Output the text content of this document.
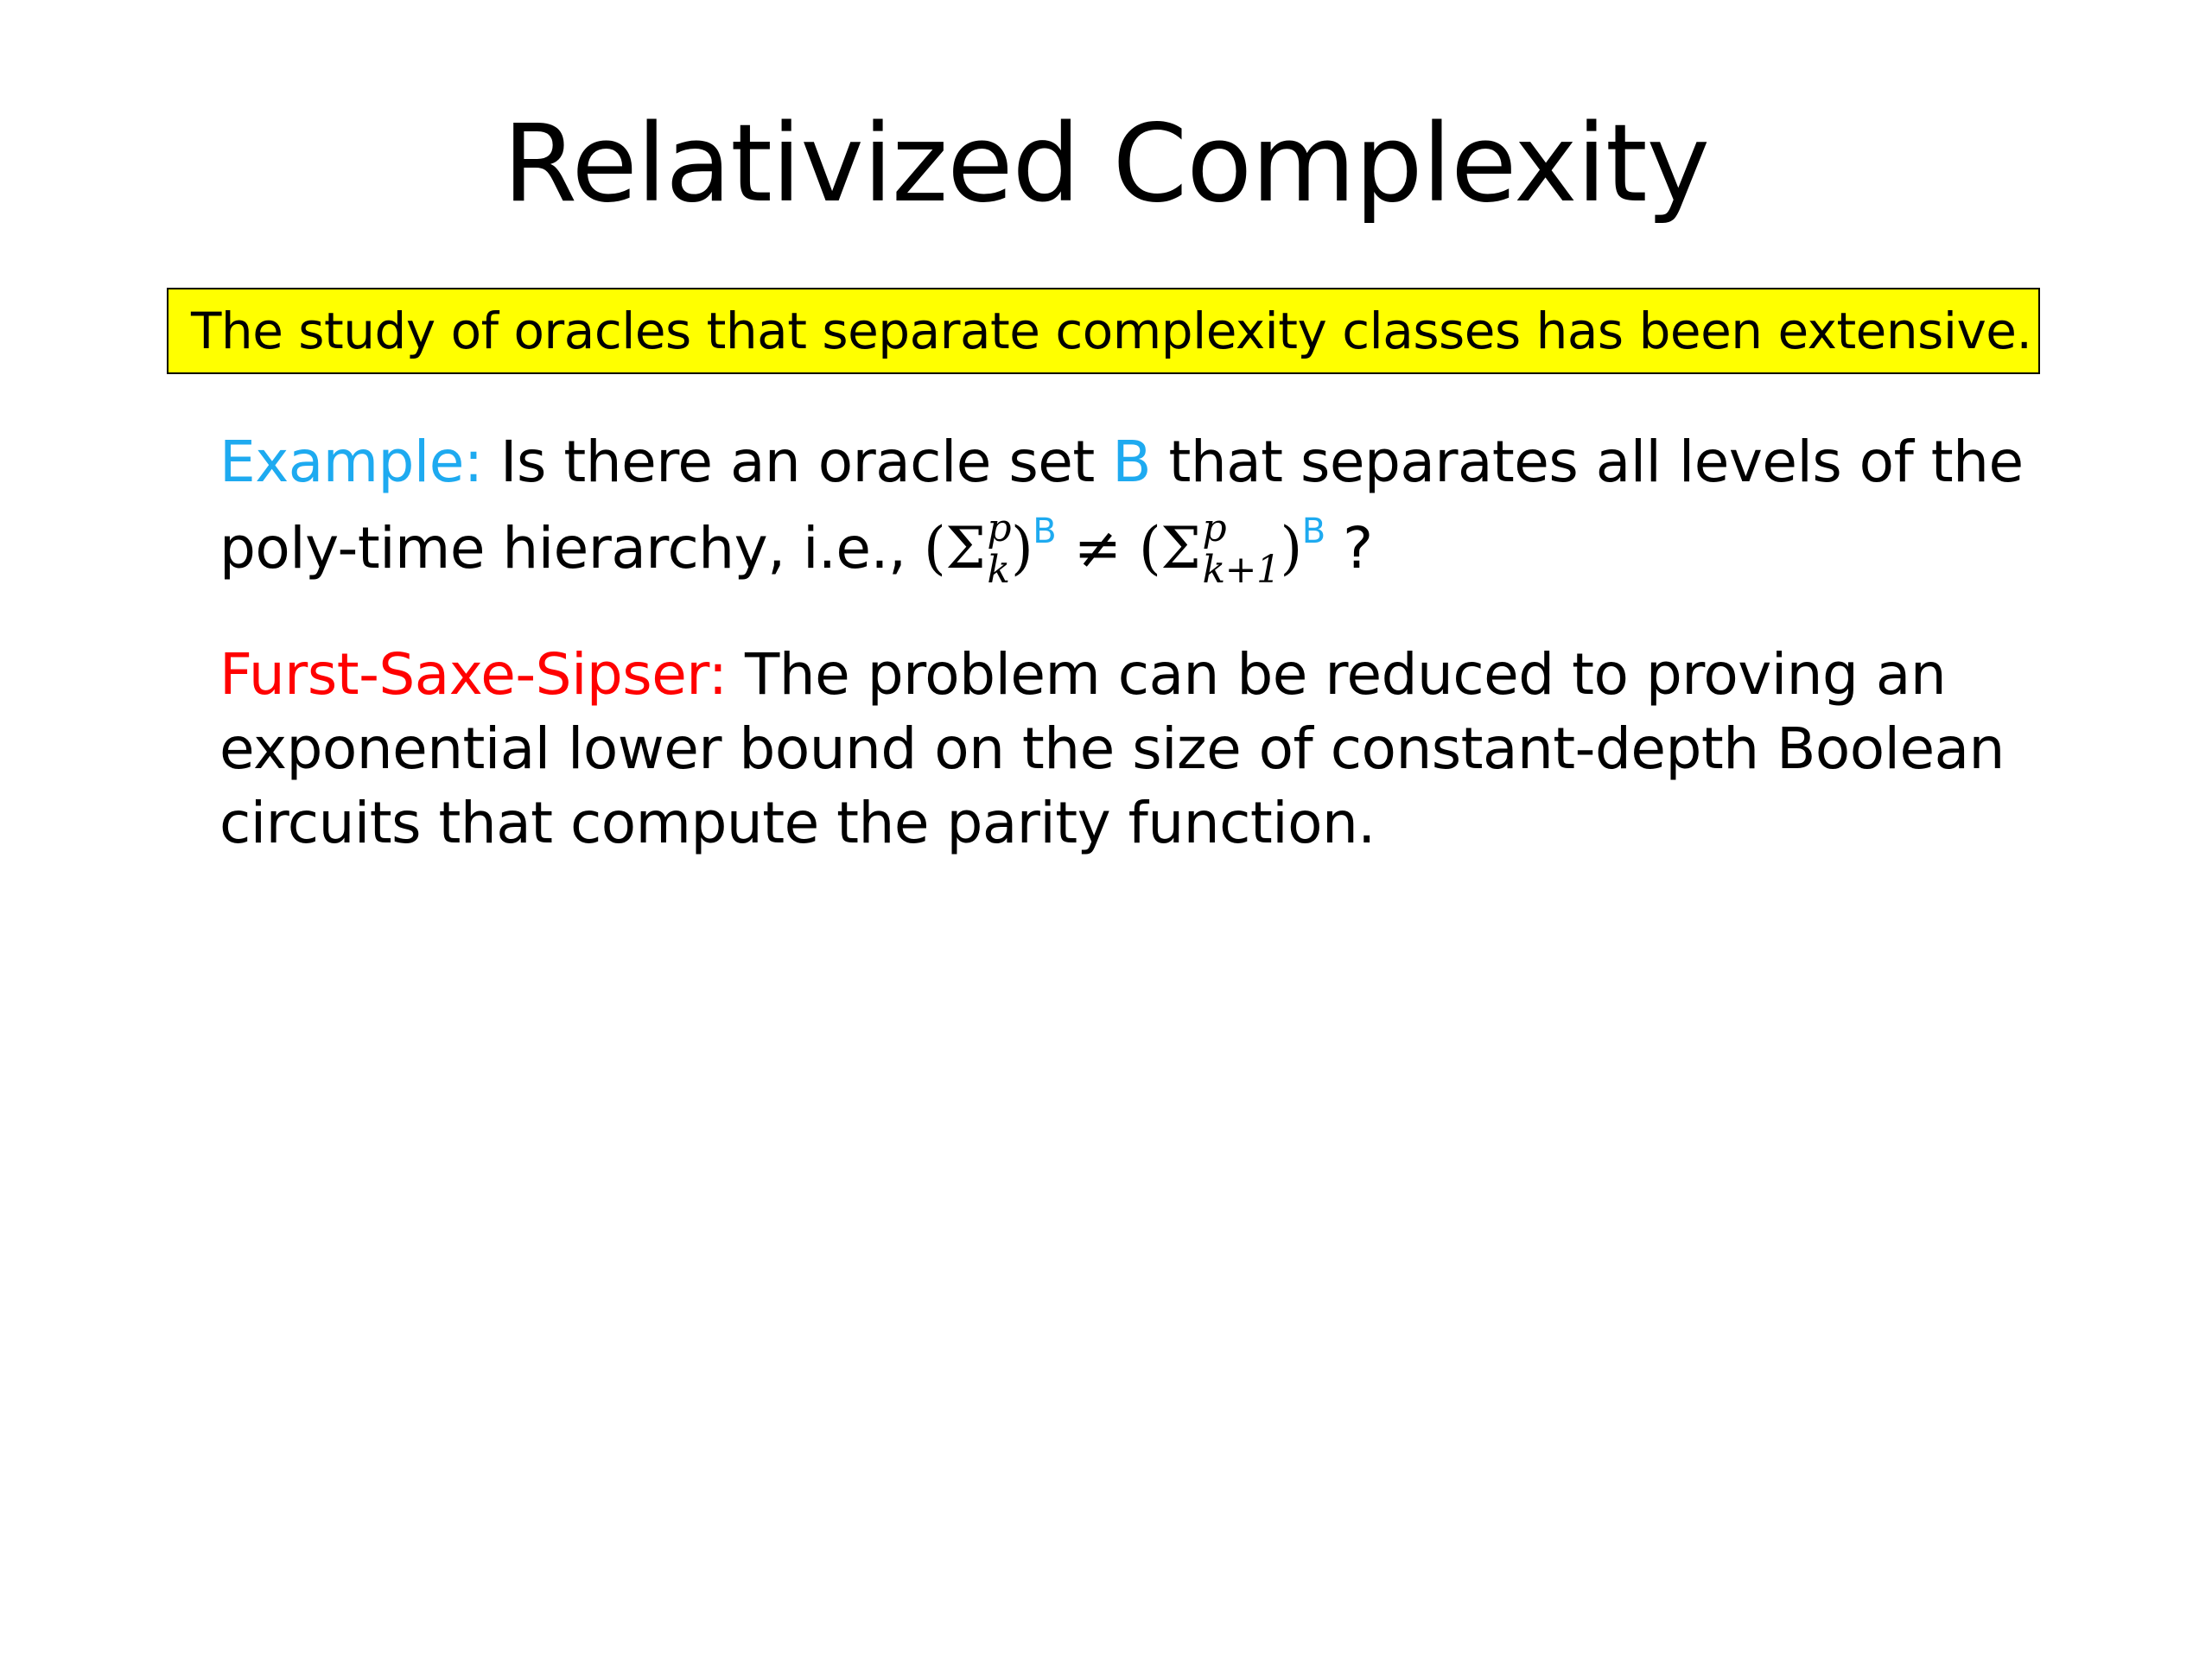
Relativized Complexity
The study of oracles that separate complexity classes has been extensive.
Example: Is there an oracle set B that separates all levels of the poly-time hierarchy, i.e., (Σ p
k )$^B$ ≠ (Σ p
k+1 )$^B$ ?
Furst-Saxe-Sipser: The problem can be reduced to proving an exponential lower bound on the size of constant-depth Boolean circuits that compute the parity function.
